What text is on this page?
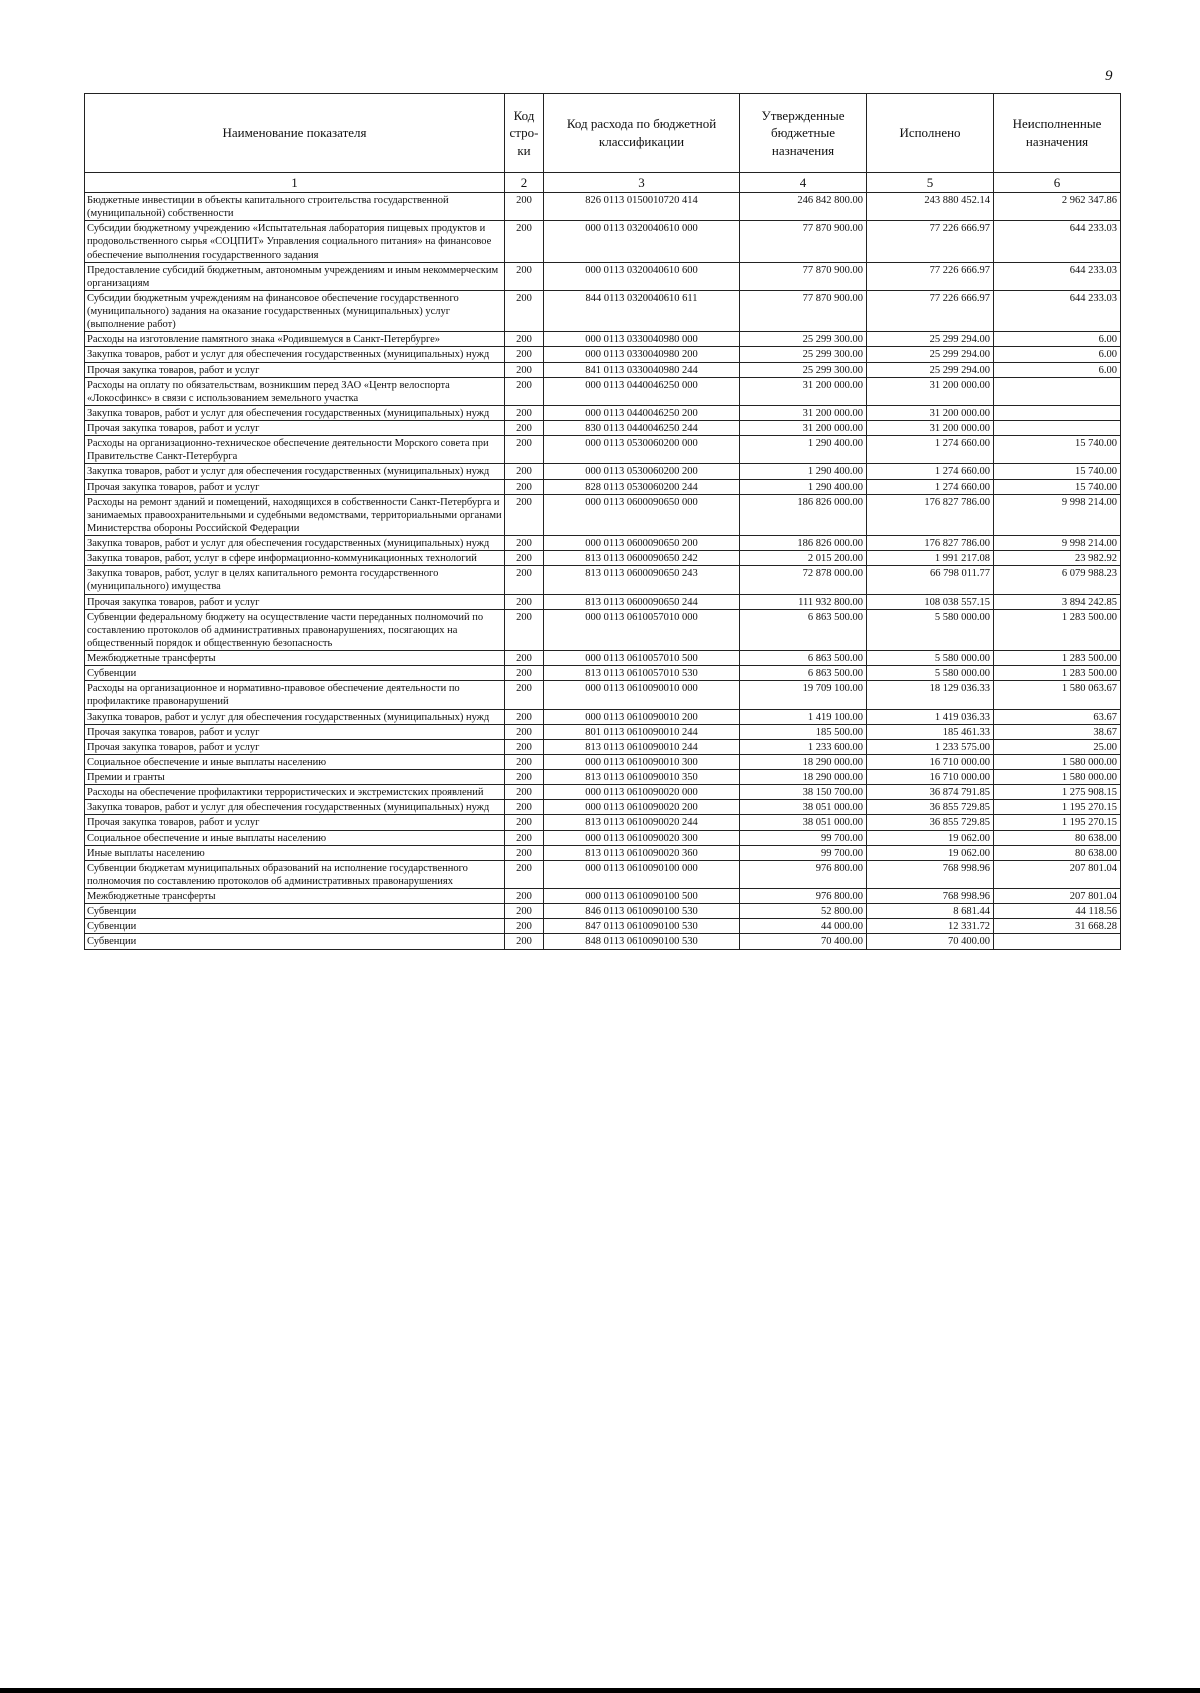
9
Наименование показателя	Код стро-ки	Код расхода по бюджетной классификации	Утвержденные бюджетные назначения	Исполнено	Неисполненные назначения
1	2	3	4	5	6
Бюджетные инвестиции в объекты капитального строительства государственной (муниципальной) собственности	200	826 0113 0150010720 414	246 842 800.00	243 880 452.14	2 962 347.86
Субсидии бюджетному учреждению «Испытательная лаборатория пищевых продуктов и продовольственного сырья «СОЦПИТ» Управления социального питания» на финансовое обеспечение выполнения государственного задания	200	000 0113 0320040610 000	77 870 900.00	77 226 666.97	644 233.03
Предоставление субсидий бюджетным, автономным учреждениям и иным некоммерческим организациям	200	000 0113 0320040610 600	77 870 900.00	77 226 666.97	644 233.03
Субсидии бюджетным учреждениям на финансовое обеспечение государственного (муниципального) задания на оказание государственных (муниципальных) услуг (выполнение работ)	200	844 0113 0320040610 611	77 870 900.00	77 226 666.97	644 233.03
Расходы на изготовление памятного знака «Родившемуся в Санкт-Петербурге»	200	000 0113 0330040980 000	25 299 300.00	25 299 294.00	6.00
Закупка товаров, работ и услуг для обеспечения государственных (муниципальных) нужд	200	000 0113 0330040980 200	25 299 300.00	25 299 294.00	6.00
Прочая закупка товаров, работ и услуг	200	841 0113 0330040980 244	25 299 300.00	25 299 294.00	6.00
Расходы на оплату по обязательствам, возникшим перед ЗАО «Центр велоспорта «Локосфинкс» в связи с использованием земельного участка	200	000 0113 0440046250 000	31 200 000.00	31 200 000.00	
Закупка товаров, работ и услуг для обеспечения государственных (муниципальных) нужд	200	000 0113 0440046250 200	31 200 000.00	31 200 000.00	
Прочая закупка товаров, работ и услуг	200	830 0113 0440046250 244	31 200 000.00	31 200 000.00	
Расходы на организационно-техническое обеспечение деятельности Морского совета при Правительстве Санкт-Петербурга	200	000 0113 0530060200 000	1 290 400.00	1 274 660.00	15 740.00
Закупка товаров, работ и услуг для обеспечения государственных (муниципальных) нужд	200	000 0113 0530060200 200	1 290 400.00	1 274 660.00	15 740.00
Прочая закупка товаров, работ и услуг	200	828 0113 0530060200 244	1 290 400.00	1 274 660.00	15 740.00
Расходы на ремонт зданий и помещений, находящихся в собственности Санкт-Петербурга и занимаемых правоохранительными и судебными ведомствами, территориальными органами Министерства обороны Российской Федерации	200	000 0113 0600090650 000	186 826 000.00	176 827 786.00	9 998 214.00
Закупка товаров, работ и услуг для обеспечения государственных (муниципальных) нужд	200	000 0113 0600090650 200	186 826 000.00	176 827 786.00	9 998 214.00
Закупка товаров, работ, услуг в сфере информационно-коммуникационных технологий	200	813 0113 0600090650 242	2 015 200.00	1 991 217.08	23 982.92
Закупка товаров, работ, услуг в целях капитального ремонта государственного (муниципального) имущества	200	813 0113 0600090650 243	72 878 000.00	66 798 011.77	6 079 988.23
Прочая закупка товаров, работ и услуг	200	813 0113 0600090650 244	111 932 800.00	108 038 557.15	3 894 242.85
Субвенции федеральному бюджету на осуществление части переданных полномочий по составлению протоколов об административных правонарушениях, посягающих на общественный порядок и общественную безопасность	200	000 0113 0610057010 000	6 863 500.00	5 580 000.00	1 283 500.00
Межбюджетные трансферты	200	000 0113 0610057010 500	6 863 500.00	5 580 000.00	1 283 500.00
Субвенции	200	813 0113 0610057010 530	6 863 500.00	5 580 000.00	1 283 500.00
Расходы на организационное и нормативно-правовое обеспечение деятельности по профилактике правонарушений	200	000 0113 0610090010 000	19 709 100.00	18 129 036.33	1 580 063.67
Закупка товаров, работ и услуг для обеспечения государственных (муниципальных) нужд	200	000 0113 0610090010 200	1 419 100.00	1 419 036.33	63.67
Прочая закупка товаров, работ и услуг	200	801 0113 0610090010 244	185 500.00	185 461.33	38.67
Прочая закупка товаров, работ и услуг	200	813 0113 0610090010 244	1 233 600.00	1 233 575.00	25.00
Социальное обеспечение и иные выплаты населению	200	000 0113 0610090010 300	18 290 000.00	16 710 000.00	1 580 000.00
Премии и гранты	200	813 0113 0610090010 350	18 290 000.00	16 710 000.00	1 580 000.00
Расходы на обеспечение профилактики террористических и экстремистских проявлений	200	000 0113 0610090020 000	38 150 700.00	36 874 791.85	1 275 908.15
Закупка товаров, работ и услуг для обеспечения государственных (муниципальных) нужд	200	000 0113 0610090020 200	38 051 000.00	36 855 729.85	1 195 270.15
Прочая закупка товаров, работ и услуг	200	813 0113 0610090020 244	38 051 000.00	36 855 729.85	1 195 270.15
Социальное обеспечение и иные выплаты населению	200	000 0113 0610090020 300	99 700.00	19 062.00	80 638.00
Иные выплаты населению	200	813 0113 0610090020 360	99 700.00	19 062.00	80 638.00
Субвенции бюджетам муниципальных образований на исполнение государственного полномочия по составлению протоколов об административных правонарушениях	200	000 0113 0610090100 000	976 800.00	768 998.96	207 801.04
Межбюджетные трансферты	200	000 0113 0610090100 500	976 800.00	768 998.96	207 801.04
Субвенции	200	846 0113 0610090100 530	52 800.00	8 681.44	44 118.56
Субвенции	200	847 0113 0610090100 530	44 000.00	12 331.72	31 668.28
Субвенции	200	848 0113 0610090100 530	70 400.00	70 400.00	
